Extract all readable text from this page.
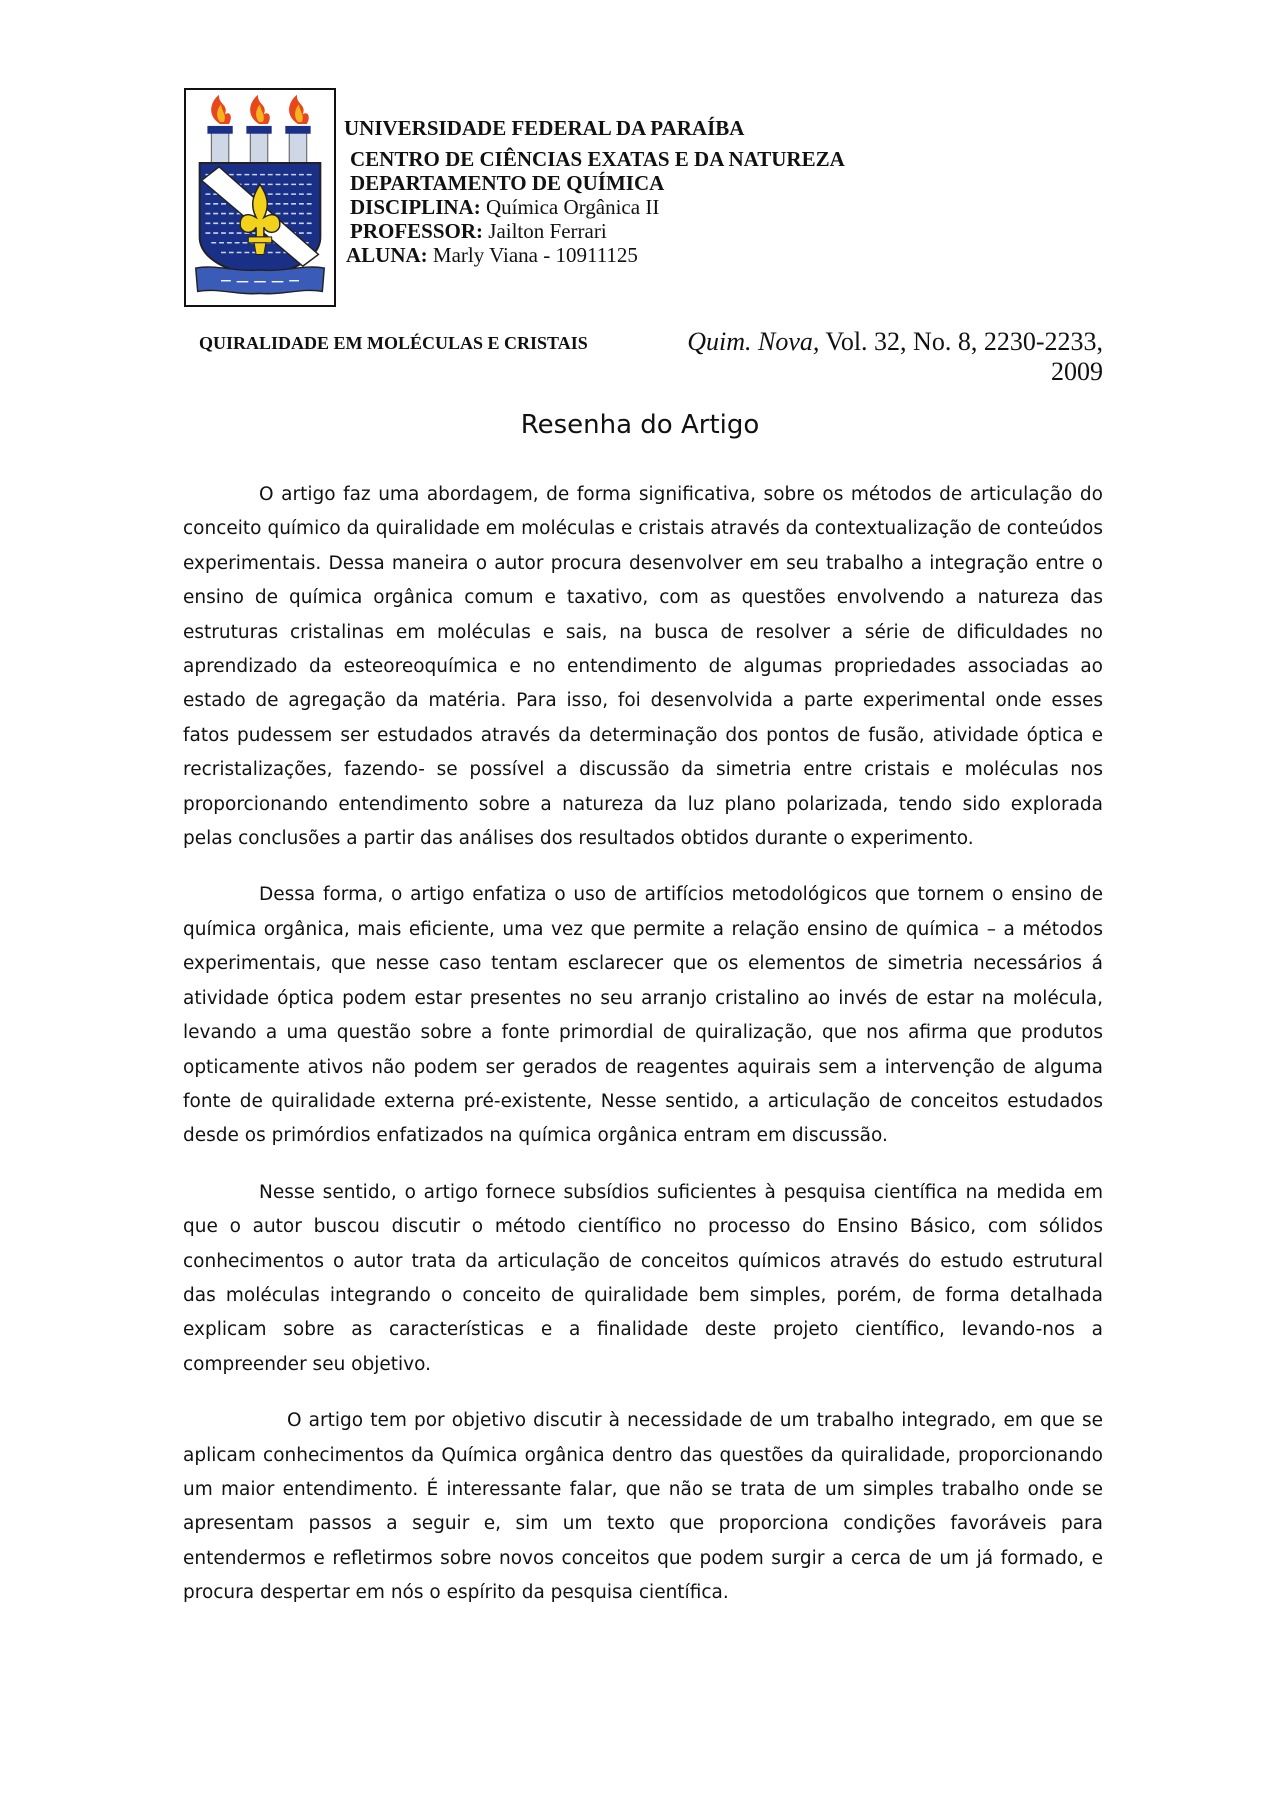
UNIVERSIDADE FEDERAL DA PARAÍBA
CENTRO DE CIÊNCIAS EXATAS E DA NATUREZA
DEPARTAMENTO DE QUÍMICA
DISCIPLINA: Química Orgânica II
PROFESSOR: Jailton Ferrari
ALUNA: Marly Viana - 10911125
QUIRALIDADE EM MOLÉCULAS E CRISTAIS	Quim. Nova, Vol. 32, No. 8, 2230-2233,
2009
Resenha do Artigo

O artigo faz uma abordagem, de forma significativa, sobre os métodos de articulação do conceito químico da quiralidade em moléculas e cristais através da contextualização de conteúdos experimentais. Dessa maneira o autor procura desenvolver em seu trabalho a integração entre o ensino de química orgânica comum e taxativo, com as questões envolvendo a natureza das estruturas cristalinas em moléculas e sais, na busca de resolver a série de dificuldades no aprendizado da esteoreoquímica e no entendimento de algumas propriedades associadas ao estado de agregação da matéria. Para isso, foi desenvolvida a parte experimental onde esses fatos pudessem ser estudados através da determinação dos pontos de fusão, atividade óptica e recristalizações, fazendo- se possível a discussão da simetria entre cristais e moléculas nos proporcionando entendimento sobre a natureza da luz plano polarizada, tendo sido explorada pelas conclusões a partir das análises dos resultados obtidos durante o experimento.

Dessa forma, o artigo enfatiza o uso de artifícios metodológicos que tornem o ensino de química orgânica, mais eficiente, uma vez que permite a relação ensino de química – a métodos experimentais, que nesse caso tentam esclarecer que os elementos de simetria necessários á atividade óptica podem estar presentes no seu arranjo cristalino ao invés de estar na molécula, levando a uma questão sobre a fonte primordial de quiralização, que nos afirma que produtos opticamente ativos não podem ser gerados de reagentes aquirais sem a intervenção de alguma fonte de quiralidade externa pré-existente, Nesse sentido, a articulação de conceitos estudados desde os primórdios enfatizados na química orgânica entram em discussão.

Nesse sentido, o artigo fornece subsídios suficientes à pesquisa científica na medida em que o autor buscou discutir o método científico no processo do Ensino Básico, com sólidos conhecimentos o autor trata da articulação de conceitos químicos através do estudo estrutural das moléculas integrando o conceito de quiralidade bem simples, porém, de forma detalhada explicam sobre as características e a finalidade deste projeto científico, levando-nos a compreender seu objetivo.

O artigo tem por objetivo discutir à necessidade de um trabalho integrado, em que se aplicam conhecimentos da Química orgânica dentro das questões da quiralidade, proporcionando um maior entendimento. É interessante falar, que não se trata de um simples trabalho onde se apresentam passos a seguir e, sim um texto que proporciona condições favoráveis para entendermos e refletirmos sobre novos conceitos que podem surgir a cerca de um já formado, e procura despertar em nós o espírito da pesquisa científica.
